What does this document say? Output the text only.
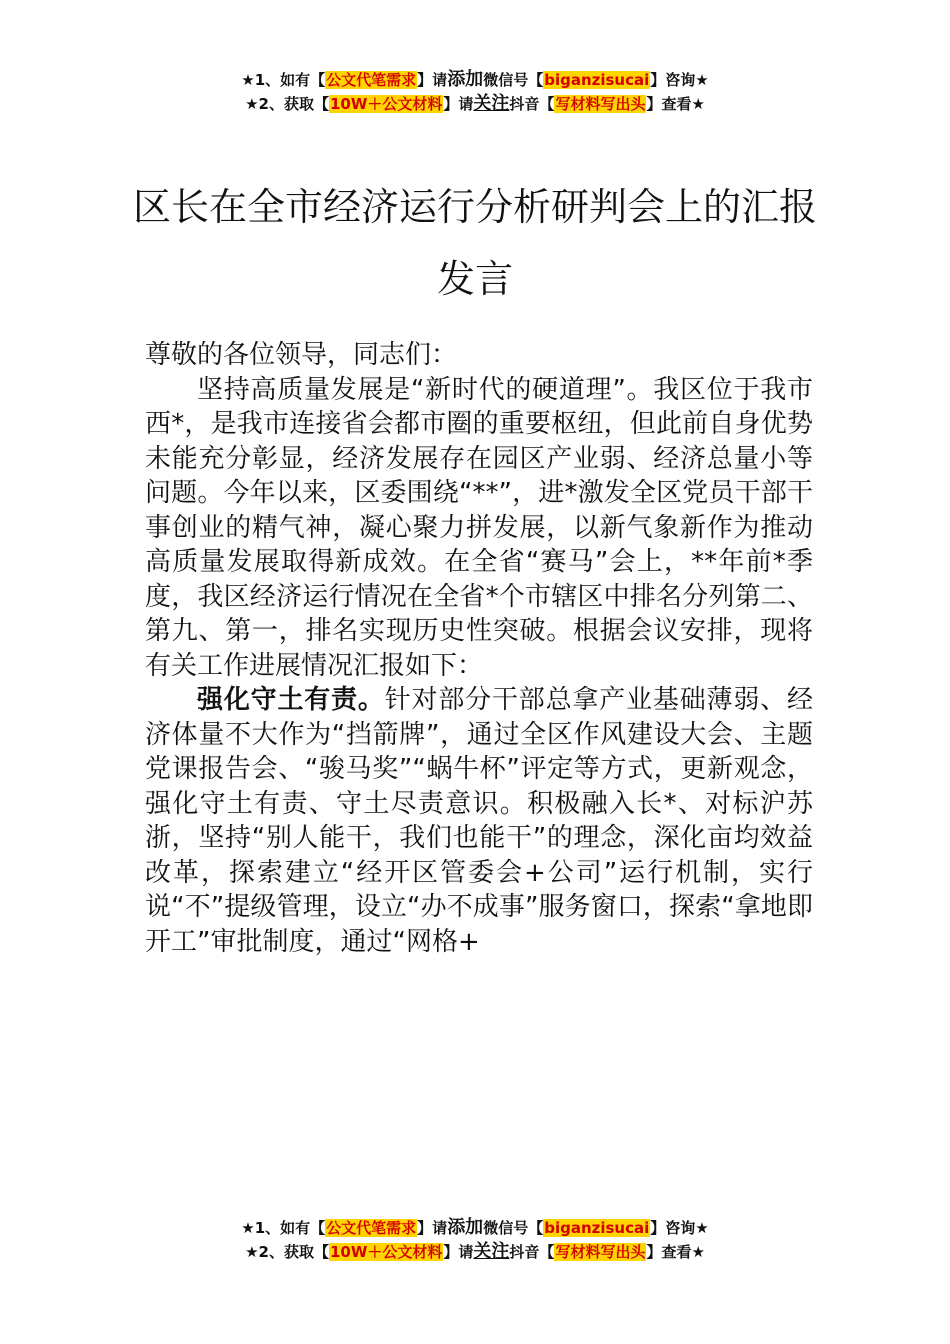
★1、如有【公文代笔需求】请添加微信号【biganzisucai】咨询★
★2、获取【10W＋公文材料】请关注抖音【写材料写出头】查看★
区长在全市经济运行分析研判会上的汇报
发言

尊敬的各位领导，同志们：

坚持高质量发展是“新时代的硬道理”。我区位于我市西*，是我市连接省会都市圈的重要枢纽，但此前自身优势未能充分彰显，经济发展存在园区产业弱、经济总量小等问题。今年以来，区委围绕“**”，进*激发全区党员干部干事创业的精气神，凝心聚力拼发展，以新气象新作为推动高质量发展取得新成效。在全省“赛马”会上，**年前*季度，我区经济运行情况在全省*个市辖区中排名分列第二、第九、第一，排名实现历史性突破。根据会议安排，现将有关工作进展情况汇报如下：

强化守土有责。针对部分干部总拿产业基础薄弱、经济体量不大作为“挡箭牌”，通过全区作风建设大会、主题党课报告会、“骏马奖”“蜗牛杯”评定等方式，更新观念，强化守土有责、守土尽责意识。积极融入长*、对标沪苏浙，坚持“别人能干，我们也能干”的理念，深化亩均效益改革，探索建立“经开区管委会+公司”运行机制，实行说“不”提级管理，设立“办不成事”服务窗口，探索“拿地即开工”审批制度，通过“网格+

★1、如有【公文代笔需求】请添加微信号【biganzisucai】咨询★
★2、获取【10W＋公文材料】请关注抖音【写材料写出头】查看★
